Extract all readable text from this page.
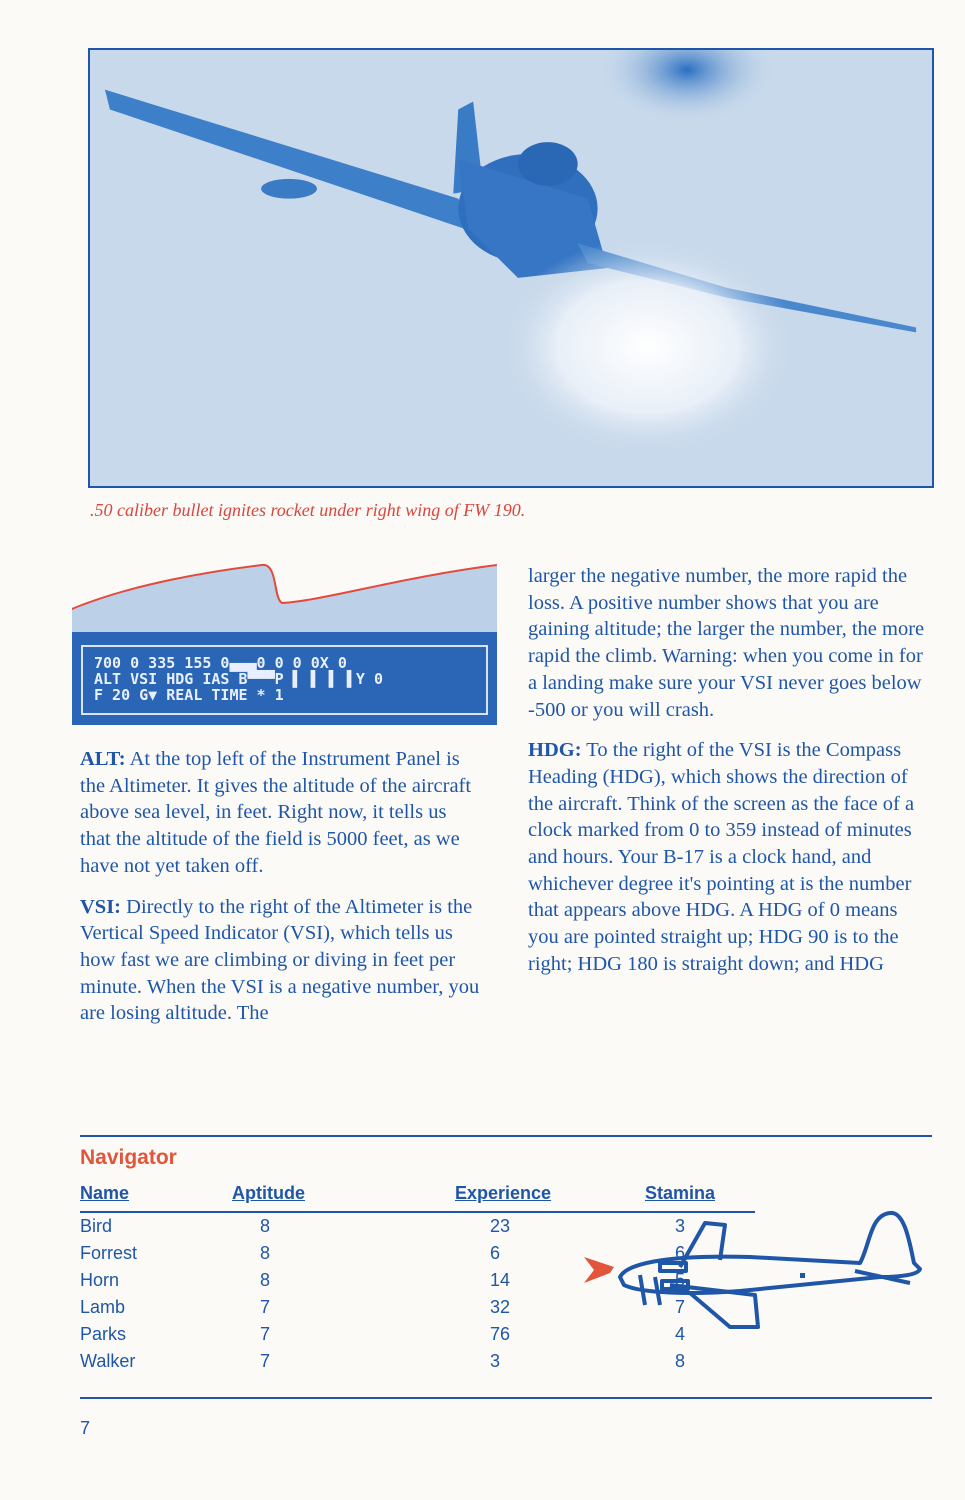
.50 caliber bullet ignites rocket under right wing of FW 190.
700 0 335 155 0▄▄▄0 0 0 0X 0
ALT VSI HDG IAS B▀▀▀P ▌ ▌ ▌ ▌Y 0
F 20 G▼ REAL TIME * 1

ALT: At the top left of the Instrument Panel is the Altimeter. It gives the altitude of the aircraft above sea level, in feet. Right now, it tells us that the altitude of the field is 5000 feet, as we have not yet taken off.

VSI: Directly to the right of the Altimeter is the Vertical Speed Indicator (VSI), which tells us how fast we are climbing or diving in feet per minute. When the VSI is a negative number, you are losing altitude. The

larger the negative number, the more rapid the loss. A positive number shows that you are gaining altitude; the larger the number, the more rapid the climb. Warning: when you come in for a landing make sure your VSI never goes below -500 or you will crash.

HDG: To the right of the VSI is the Compass Heading (HDG), which shows the direction of the aircraft. Think of the screen as the face of a clock marked from 0 to 359 instead of minutes and hours. Your B-17 is a clock hand, and whichever degree it's pointing at is the number that appears above HDG. A HDG of 0 means you are pointed straight up; HDG 90 is to the right; HDG 180 is straight down; and HDG

Navigator
Name	Aptitude	Experience	Stamina
Bird	8	23	3
Forrest	8	6	6
Horn	8	14	5
Lamb	7	32	7
Parks	7	76	4
Walker	7	3	8
7
